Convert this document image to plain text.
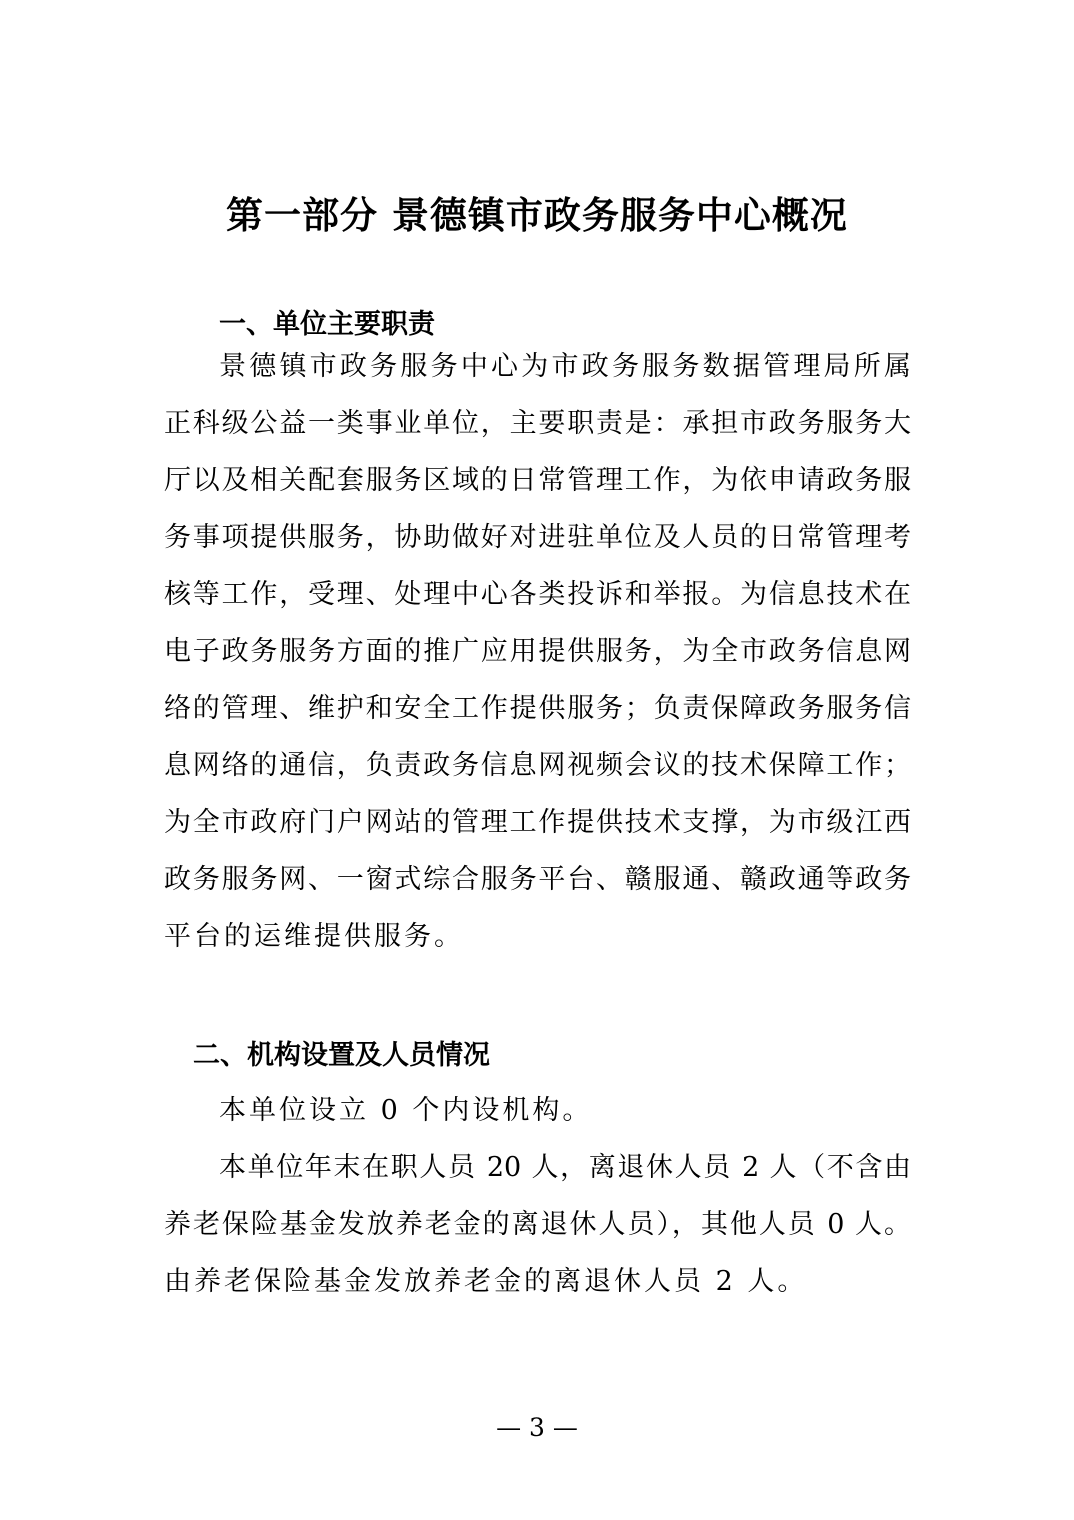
第一部分 景德镇市政务服务中心概况
一、单位主要职责
景德镇市政务服务中心为市政务服务数据管理局所属
正科级公益一类事业单位，主要职责是：承担市政务服务大
厅以及相关配套服务区域的日常管理工作，为依申请政务服
务事项提供服务，协助做好对进驻单位及人员的日常管理考
核等工作，受理、处理中心各类投诉和举报。为信息技术在
电子政务服务方面的推广应用提供服务，为全市政务信息网
络的管理、维护和安全工作提供服务；负责保障政务服务信
息网络的通信，负责政务信息网视频会议的技术保障工作；
为全市政府门户网站的管理工作提供技术支撑，为市级江西
政务服务网、一窗式综合服务平台、赣服通、赣政通等政务
平台的运维提供服务。
二、机构设置及人员情况
本单位设立 0 个内设机构。
本单位年末在职人员 20 人，离退休人员 2 人（不含由
养老保险基金发放养老金的离退休人员），其他人员 0 人。
由养老保险基金发放养老金的离退休人员 2 人。
— 3 —
